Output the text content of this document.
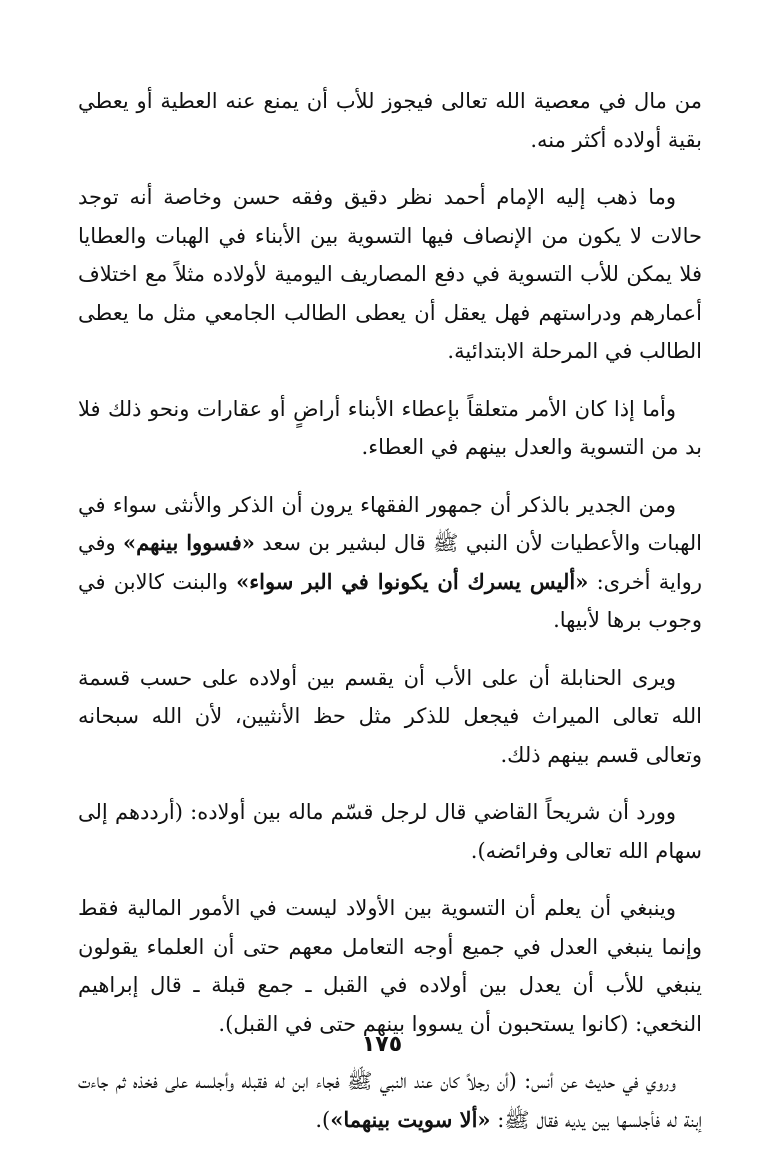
من مال في معصية الله تعالى فيجوز للأب أن يمنع عنه العطية أو يعطي بقية أولاده أكثر منه.

وما ذهب إليه الإمام أحمد نظر دقيق وفقه حسن وخاصة أنه توجد حالات لا يكون من الإنصاف فيها التسوية بين الأبناء في الهبات والعطايا فلا يمكن للأب التسوية في دفع المصاريف اليومية لأولاده مثلاً مع اختلاف أعمارهم ودراستهم فهل يعقل أن يعطى الطالب الجامعي مثل ما يعطى الطالب في المرحلة الابتدائية.

وأما إذا كان الأمر متعلقاً بإعطاء الأبناء أراضٍ أو عقارات ونحو ذلك فلا بد من التسوية والعدل بينهم في العطاء.

ومن الجدير بالذكر أن جمهور الفقهاء يرون أن الذكر والأنثى سواء في الهبات والأعطيات لأن النبي ﷺ قال لبشير بن سعد «فسووا بينهم» وفي رواية أخرى: «أليس يسرك أن يكونوا في البر سواء» والبنت كالابن في وجوب برها لأبيها.

ويرى الحنابلة أن على الأب أن يقسم بين أولاده على حسب قسمة الله تعالى الميراث فيجعل للذكر مثل حظ الأنثيين، لأن الله سبحانه وتعالى قسم بينهم ذلك.

وورد أن شريحاً القاضي قال لرجل قسّم ماله بين أولاده: (أرددهم إلى سهام الله تعالى وفرائضه).

وينبغي أن يعلم أن التسوية بين الأولاد ليست في الأمور المالية فقط وإنما ينبغي العدل في جميع أوجه التعامل معهم حتى أن العلماء يقولون ينبغي للأب أن يعدل بين أولاده في القبل ـ جمع قبلة ـ قال إبراهيم النخعي: (كانوا يستحبون أن يسووا بينهم حتى في القبل).

وروي في حديث عن أنس: (أن رجلاً كان عند النبي ﷺ فجاء ابن له فقبله وأجلسه على فخذه ثم جاءت إبنة له فأجلسها بين يديه فقال ﷺ: «ألا سويت بينهما»).

١٧٥
